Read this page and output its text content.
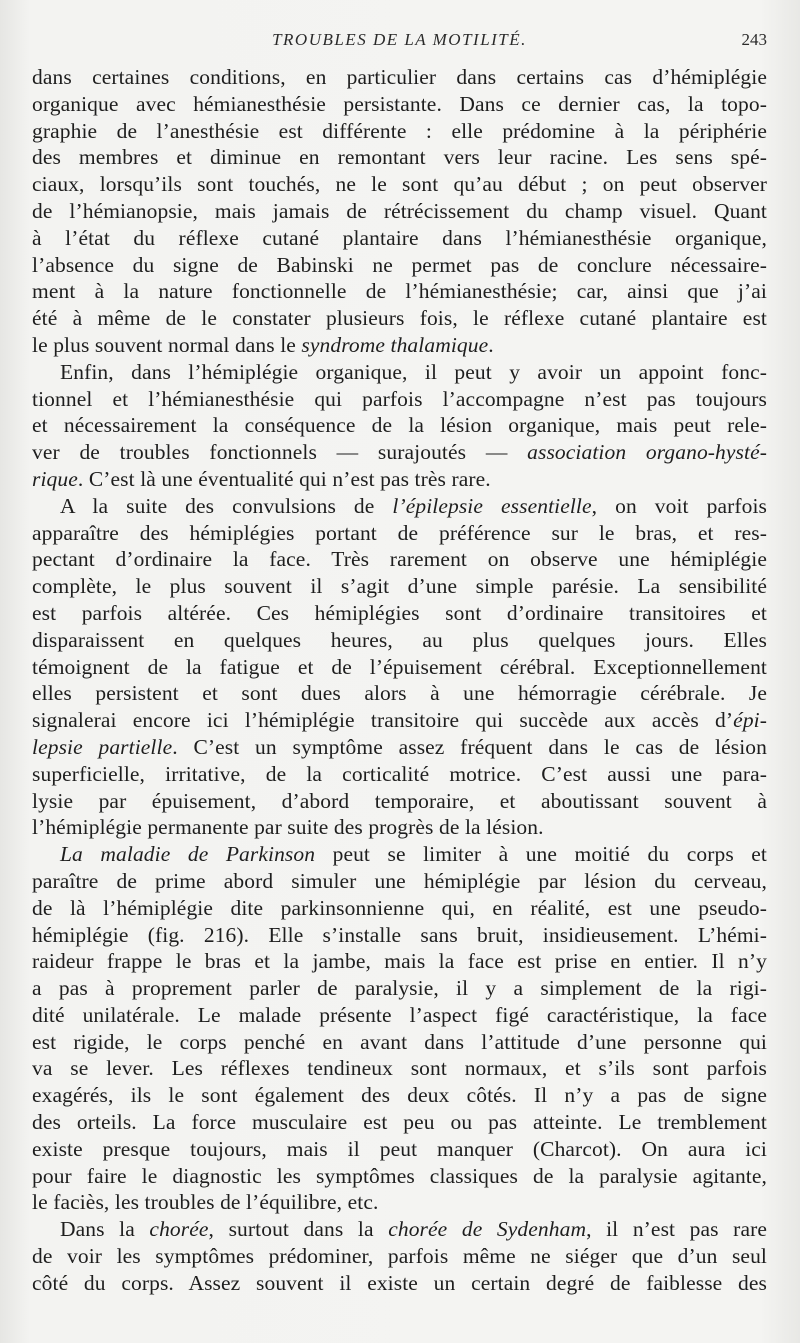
TROUBLES DE LA MOTILITÉ.	243
dans certaines conditions, en particulier dans certains cas d’hémiplégie
organique avec hémianesthésie persistante. Dans ce dernier cas, la topo-
graphie de l’anesthésie est différente : elle prédomine à la périphérie
des membres et diminue en remontant vers leur racine. Les sens spé-
ciaux, lorsqu’ils sont touchés, ne le sont qu’au début ; on peut observer
de l’hémianopsie, mais jamais de rétrécissement du champ visuel. Quant
à l’état du réflexe cutané plantaire dans l’hémianesthésie organique,
l’absence du signe de Babinski ne permet pas de conclure nécessaire-
ment à la nature fonctionnelle de l’hémianesthésie; car, ainsi que j’ai
été à même de le constater plusieurs fois, le réflexe cutané plantaire est
le plus souvent normal dans le syndrome thalamique.
Enfin, dans l’hémiplégie organique, il peut y avoir un appoint fonc-
tionnel et l’hémianesthésie qui parfois l’accompagne n’est pas toujours
et nécessairement la conséquence de la lésion organique, mais peut rele-
ver de troubles fonctionnels — surajoutés — association organo-hysté-
rique. C’est là une éventualité qui n’est pas très rare.
A la suite des convulsions de l’épilepsie essentielle, on voit parfois
apparaître des hémiplégies portant de préférence sur le bras, et res-
pectant d’ordinaire la face. Très rarement on observe une hémiplégie
complète, le plus souvent il s’agit d’une simple parésie. La sensibilité
est parfois altérée. Ces hémiplégies sont d’ordinaire transitoires et
disparaissent en quelques heures, au plus quelques jours. Elles
témoignent de la fatigue et de l’épuisement cérébral. Exceptionnellement
elles persistent et sont dues alors à une hémorragie cérébrale. Je
signalerai encore ici l’hémiplégie transitoire qui succède aux accès d’épi-
lepsie partielle. C’est un symptôme assez fréquent dans le cas de lésion
superficielle, irritative, de la corticalité motrice. C’est aussi une para-
lysie par épuisement, d’abord temporaire, et aboutissant souvent à
l’hémiplégie permanente par suite des progrès de la lésion.
La maladie de Parkinson peut se limiter à une moitié du corps et
paraître de prime abord simuler une hémiplégie par lésion du cerveau,
de là l’hémiplégie dite parkinsonnienne qui, en réalité, est une pseudo-
hémiplégie (fig. 216). Elle s’installe sans bruit, insidieusement. L’hémi-
raideur frappe le bras et la jambe, mais la face est prise en entier. Il n’y
a pas à proprement parler de paralysie, il y a simplement de la rigi-
dité unilatérale. Le malade présente l’aspect figé caractéristique, la face
est rigide, le corps penché en avant dans l’attitude d’une personne qui
va se lever. Les réflexes tendineux sont normaux, et s’ils sont parfois
exagérés, ils le sont également des deux côtés. Il n’y a pas de signe
des orteils. La force musculaire est peu ou pas atteinte. Le tremblement
existe presque toujours, mais il peut manquer (Charcot). On aura ici
pour faire le diagnostic les symptômes classiques de la paralysie agitante,
le faciès, les troubles de l’équilibre, etc.
Dans la chorée, surtout dans la chorée de Sydenham, il n’est pas rare
de voir les symptômes prédominer, parfois même ne siéger que d’un seul
côté du corps. Assez souvent il existe un certain degré de faiblesse des
